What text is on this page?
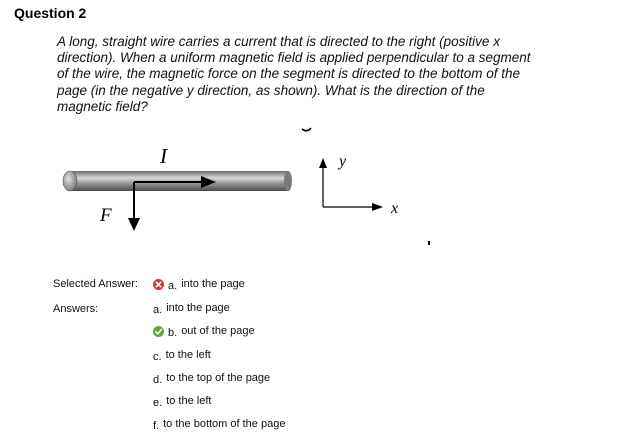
Question 2
A long, straight wire carries a current that is directed to the right (positive x
direction). When a uniform magnetic field is applied perpendicular to a segment
of the wire, the magnetic force on the segment is directed to the bottom of the
page (in the negative y direction, as shown). What is the direction of the
magnetic field?
I
F
y
x
Selected Answer:	a. into the page
Answers:	a. into the page
b. out of the page
c. to the left
d. to the top of the page
e. to the left
f. to the bottom of the page
